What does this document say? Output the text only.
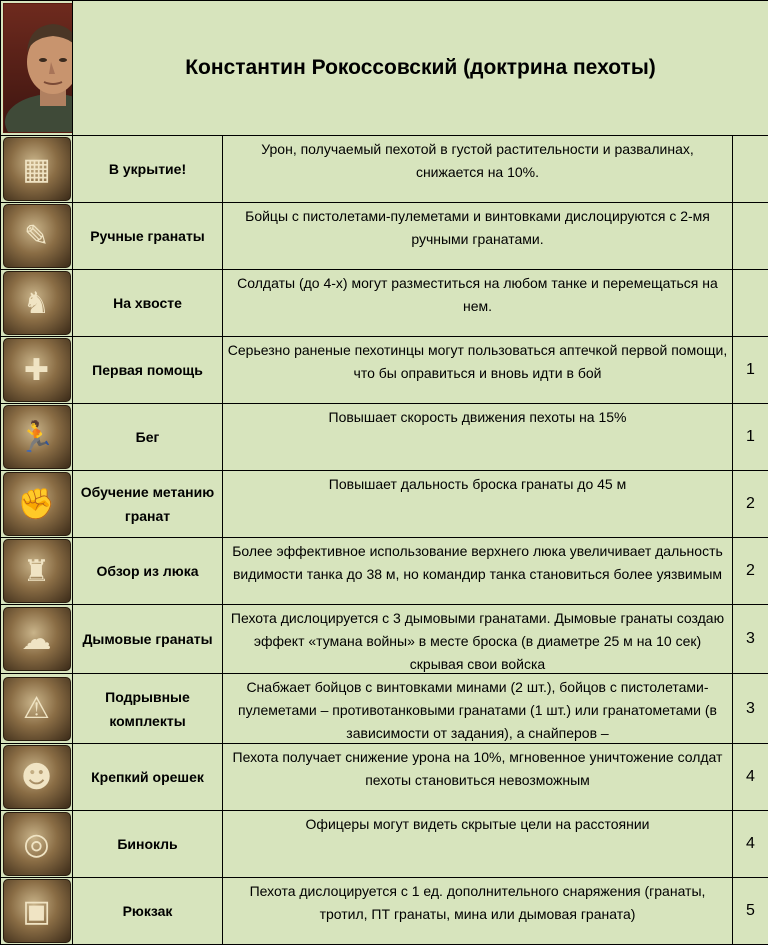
	Константин Рокоссовский (доктрина пехоты)		

▦	В укрытие!	Урон, получаемый пехотой в густой растительности и развалинах, снижается на 10%.	

✎	Ручные гранаты	Бойцы с пистолетами-пулеметами и винтовками дислоцируются с 2-мя ручными гранатами.	

♞	На хвосте	Солдаты (до 4-х) могут разместиться на любом танке и перемещаться на нем.	

✚	Первая помощь	Серьезно раненые пехотинцы могут пользоваться аптечкой первой помощи, что бы оправиться и вновь идти в бой	1

🏃	Бег	Повышает скорость движения пехоты на 15%	1

✊	Обучение метанию гранат	Повышает дальность броска гранаты до 45 м	2

♜	Обзор из люка	Более эффективное использование верхнего люка увеличивает дальность видимости танка до 38 м, но командир танка становиться более уязвимым	2

☁	Дымовые гранаты	Пехота дислоцируется с 3 дымовыми гранатами. Дымовые гранаты создаю эффект «тумана войны» в месте броска (в диаметре 25 м на 10 сек) скрывая свои войска	3

⚠	Подрывные комплекты	Снабжает бойцов с винтовками минами (2 шт.), бойцов с пистолетами-пулеметами – противотанковыми гранатами (1 шт.) или гранатометами (в зависимости от задания), а снайперов –	3

☻	Крепкий орешек	Пехота получает снижение урона на 10%, мгновенное уничтожение солдат пехоты становиться невозможным	4

◎	Бинокль	Офицеры могут видеть скрытые цели на расстоянии	4

▣	Рюкзак	Пехота дислоцируется с 1 ед. дополнительного снаряжения (гранаты, тротил, ПТ гранаты, мина или дымовая граната)	5
